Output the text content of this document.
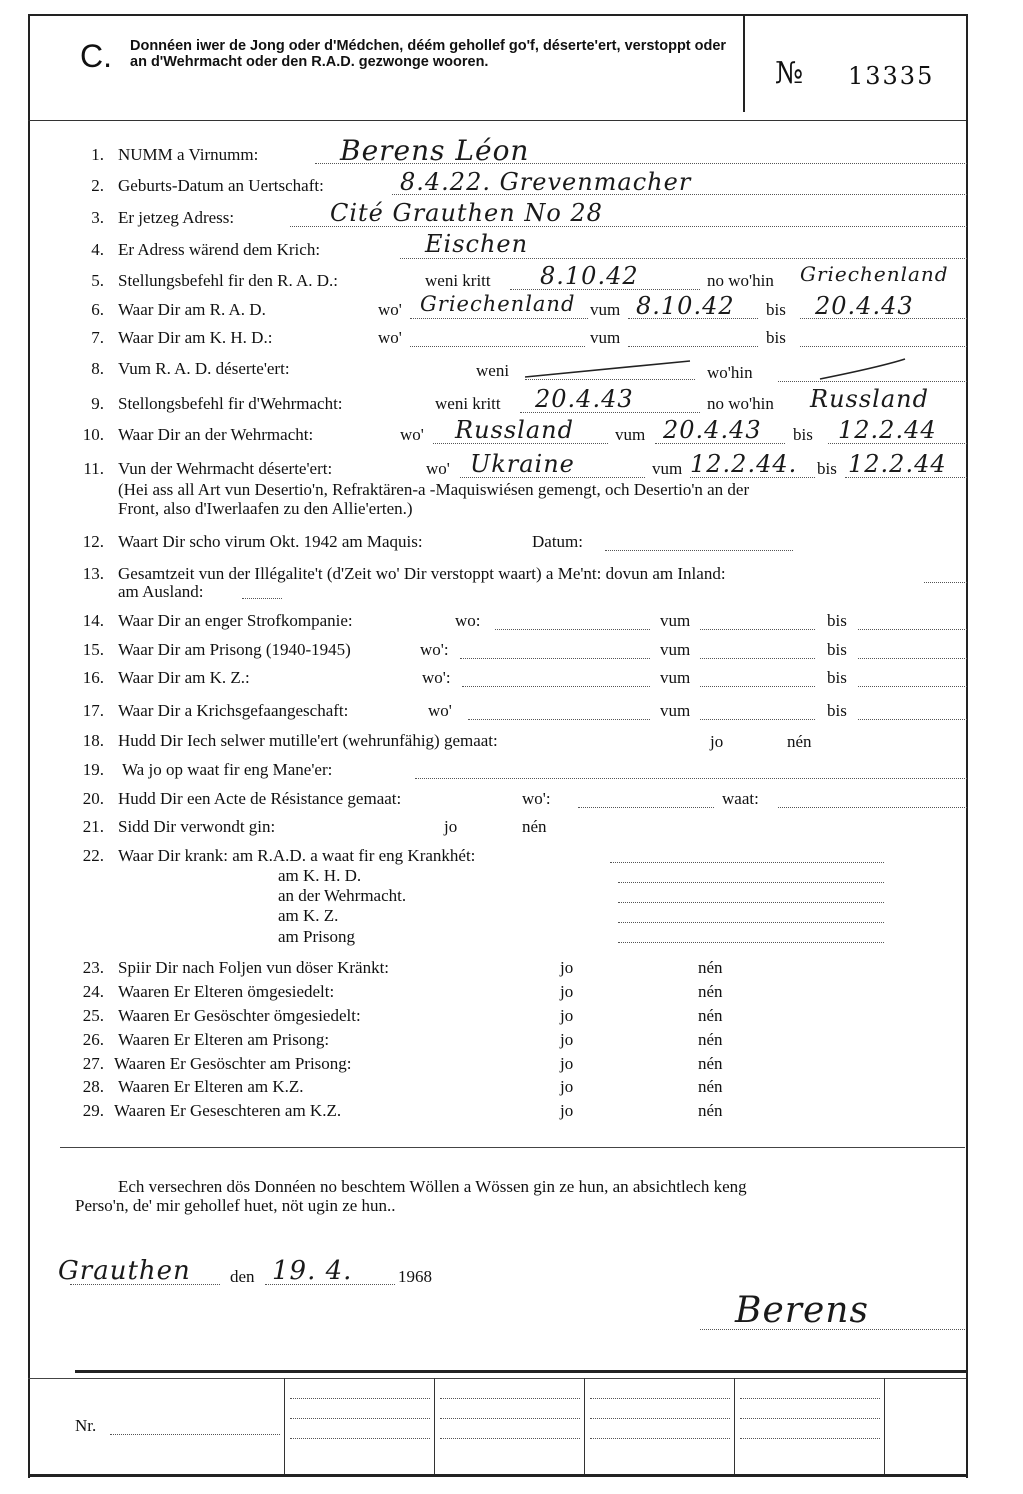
C. Donnéen iwer de Jong oder d'Médchen, déém gehollef go'f, déserte'ert, verstoppt oder an d'Wehrmacht oder den R.A.D. gezwonge wooren.	№ 13335
1. NUMM a Virnumm:	Berens Léon
2. Geburts-Datum an Uertschaft:	8.4.22. Grevenmacher
3. Er jetzeg Adress:	Cité Grauthen No 28
4. Er Adress wärend dem Krich:	Eischen
5. Stellungsbefehl fir den R. A. D.:	weni kritt 8.10.42	no wo'hin Griechenland
6. Waar Dir am R. A. D.	wo' Griechenland vum 8.10.42 bis 20.4.43
7. Waar Dir am K. H. D.:	wo'	vum	bis
8. Vum R. A. D. déserte'ert:	weni	wo'hin
9. Stellongsbefehl fir d'Wehrmacht:	weni kritt 20.4.43	no wo'hin Russland
10. Waar Dir an der Wehrmacht:	wo' Russland vum 20.4.43 bis 12.2.44
11. Vun der Wehrmacht déserte'ert:	wo' Ukraine	vum 12.2.44. bis 12.2.44
(Hei ass all Art vun Desertio'n, Refraktären-a -Maquiswiésen gemengt, och Desertio'n an der
Front, also d'Iwerlaafen zu den Allie'erten.)
12. Waart Dir scho virum Okt. 1942 am Maquis:	Datum:
13. Gesamtzeit vun der Illégalite't (d'Zeit wo' Dir verstoppt waart) a Me'nt: dovun am Inland:
am Ausland:
14. Waar Dir an enger Strofkompanie:	wo:	vum	bis
15. Waar Dir am Prisong (1940-1945)	wo':	vum	bis
16. Waar Dir am K. Z.:	wo':	vum	bis
17. Waar Dir a Krichsgefaangeschaft:	wo'	vum	bis
18. Hudd Dir Iech selwer mutille'ert (wehrunfähig) gemaat:	jo	nén
19. Wa jo op waat fir eng Mane'er:
20. Hudd Dir een Acte de Résistance gemaat:	wo':	waat:
21. Sidd Dir verwondt gin:	jo	nén
22. Waar Dir krank: am R.A.D. a waat fir eng Krankhét:
am K. H. D.
an der Wehrmacht.
am K. Z.
am Prisong
23. Spiir Dir nach Foljen vun döser Kränkt:	jo	nén
24. Waaren Er Elteren ömgesiedelt:	jo	nén
25. Waaren Er Gesöschter ömgesiedelt:	jo	nén
26. Waaren Er Elteren am Prisong:	jo	nén
27. Waaren Er Gesöschter am Prisong:	jo	nén
28. Waaren Er Elteren am K.Z.	jo	nén
29. Waaren Er Geseschteren am K.Z.	jo	nén
Ech versechren dös Donnéen no beschtem Wöllen a Wössen gin ze hun, an absichtlech keng
Perso'n, de' mir gehollef huet, nöt ugin ze hun..
Grauthen den 19. 4.	1968
Berens
Nr.
